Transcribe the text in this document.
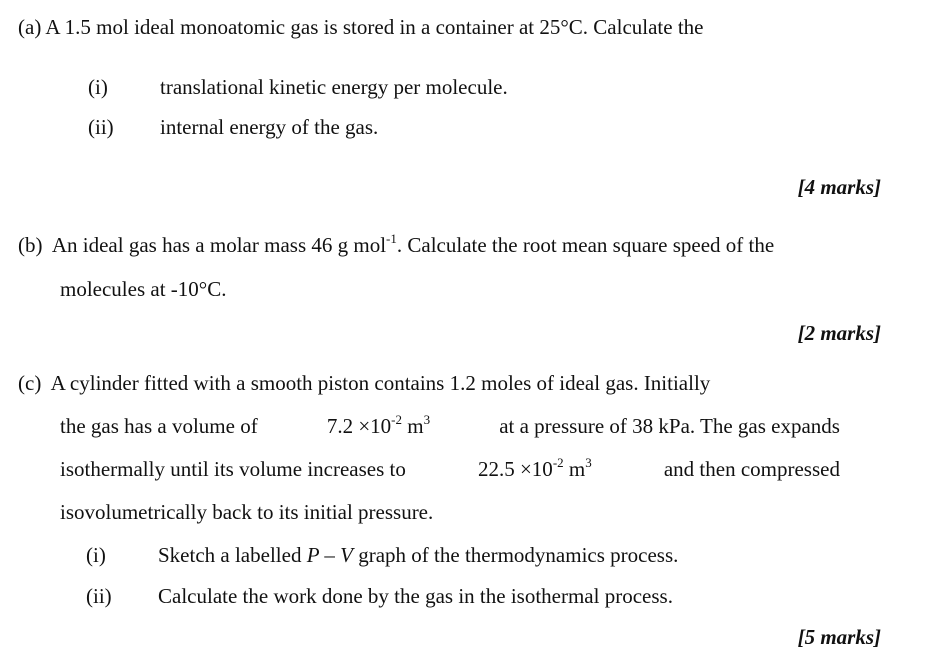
(a) A 1.5 mol ideal monoatomic gas is stored in a container at 25°C. Calculate the
(i) translational kinetic energy per molecule.
(ii) internal energy of the gas.
[4 marks]
(b) An ideal gas has a molar mass 46 g mol$^{-1}$. Calculate the root mean square speed of the
molecules at -10°C.
[2 marks]
(c) A cylinder fitted with a smooth piston contains 1.2 moles of ideal gas. Initially
the gas has a volume of	$7.2 \times 10^{-2}$ $m^3$	at a pressure of 38 kPa. The gas expands
isothermally until its volume increases to	$22.5 \times 10^{-2}$ $m^3$	and then compressed
isovolumetrically back to its initial pressure.
(i) Sketch a labelled P – V graph of the thermodynamics process.
(ii) Calculate the work done by the gas in the isothermal process.
[5 marks]
